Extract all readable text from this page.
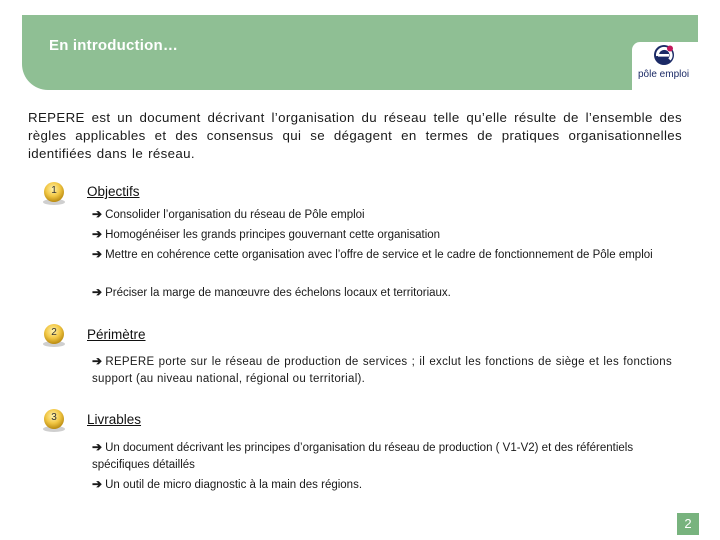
En introduction…
pôle emploi
REPERE est un document décrivant l’organisation du réseau telle qu’elle résulte de l’ensemble des règles applicables et des consensus qui se dégagent en termes de pratiques organisationnelles identifiées dans le réseau.
1	Objectifs
➔ Consolider l’organisation du réseau de Pôle emploi
➔ Homogénéiser les grands principes gouvernant cette organisation
➔ Mettre en cohérence cette organisation avec l’offre de service et le cadre de fonctionnement de Pôle emploi
➔ Préciser la marge de manœuvre des échelons locaux et territoriaux.
2	Périmètre
➔ REPERE porte sur le réseau de production de services ; il exclut les fonctions de siège et les fonctions support (au niveau national, régional ou territorial).
3	Livrables
➔ Un document décrivant les principes d’organisation du réseau de production ( V1-V2) et des référentiels spécifiques détaillés
➔ Un outil de micro diagnostic à la main des régions.
2
